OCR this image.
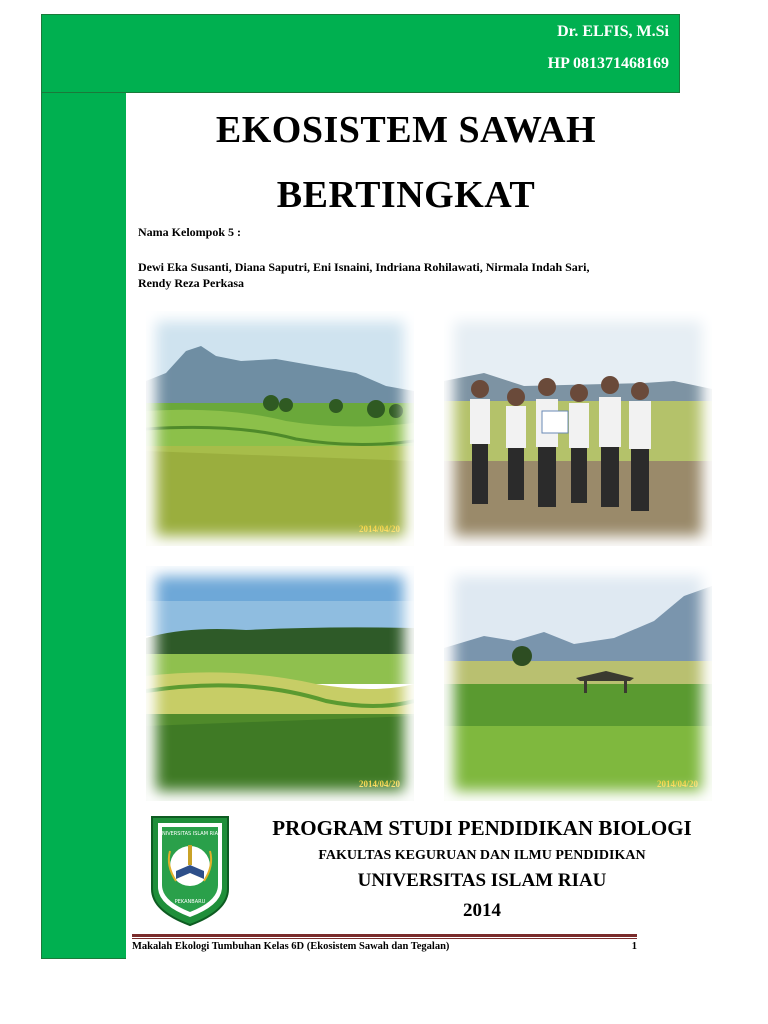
Dr. ELFIS, M.Si
HP 081371468169
EKOSISTEM SAWAH
BERTINGKAT
Nama Kelompok 5 :
Dewi Eka Susanti, Diana Saputri, Eni Isnaini, Indriana Rohilawati, Nirmala Indah Sari,
Rendy Reza Perkasa
2014/04/20
2014/04/20	2014/04/20
UNIVERSITAS ISLAM RIAU
PEKANBARU
PROGRAM STUDI PENDIDIKAN BIOLOGI
FAKULTAS KEGURUAN DAN ILMU PENDIDIKAN
UNIVERSITAS ISLAM RIAU
2014
Makalah Ekologi Tumbuhan Kelas 6D (Ekosistem Sawah dan Tegalan)	1
